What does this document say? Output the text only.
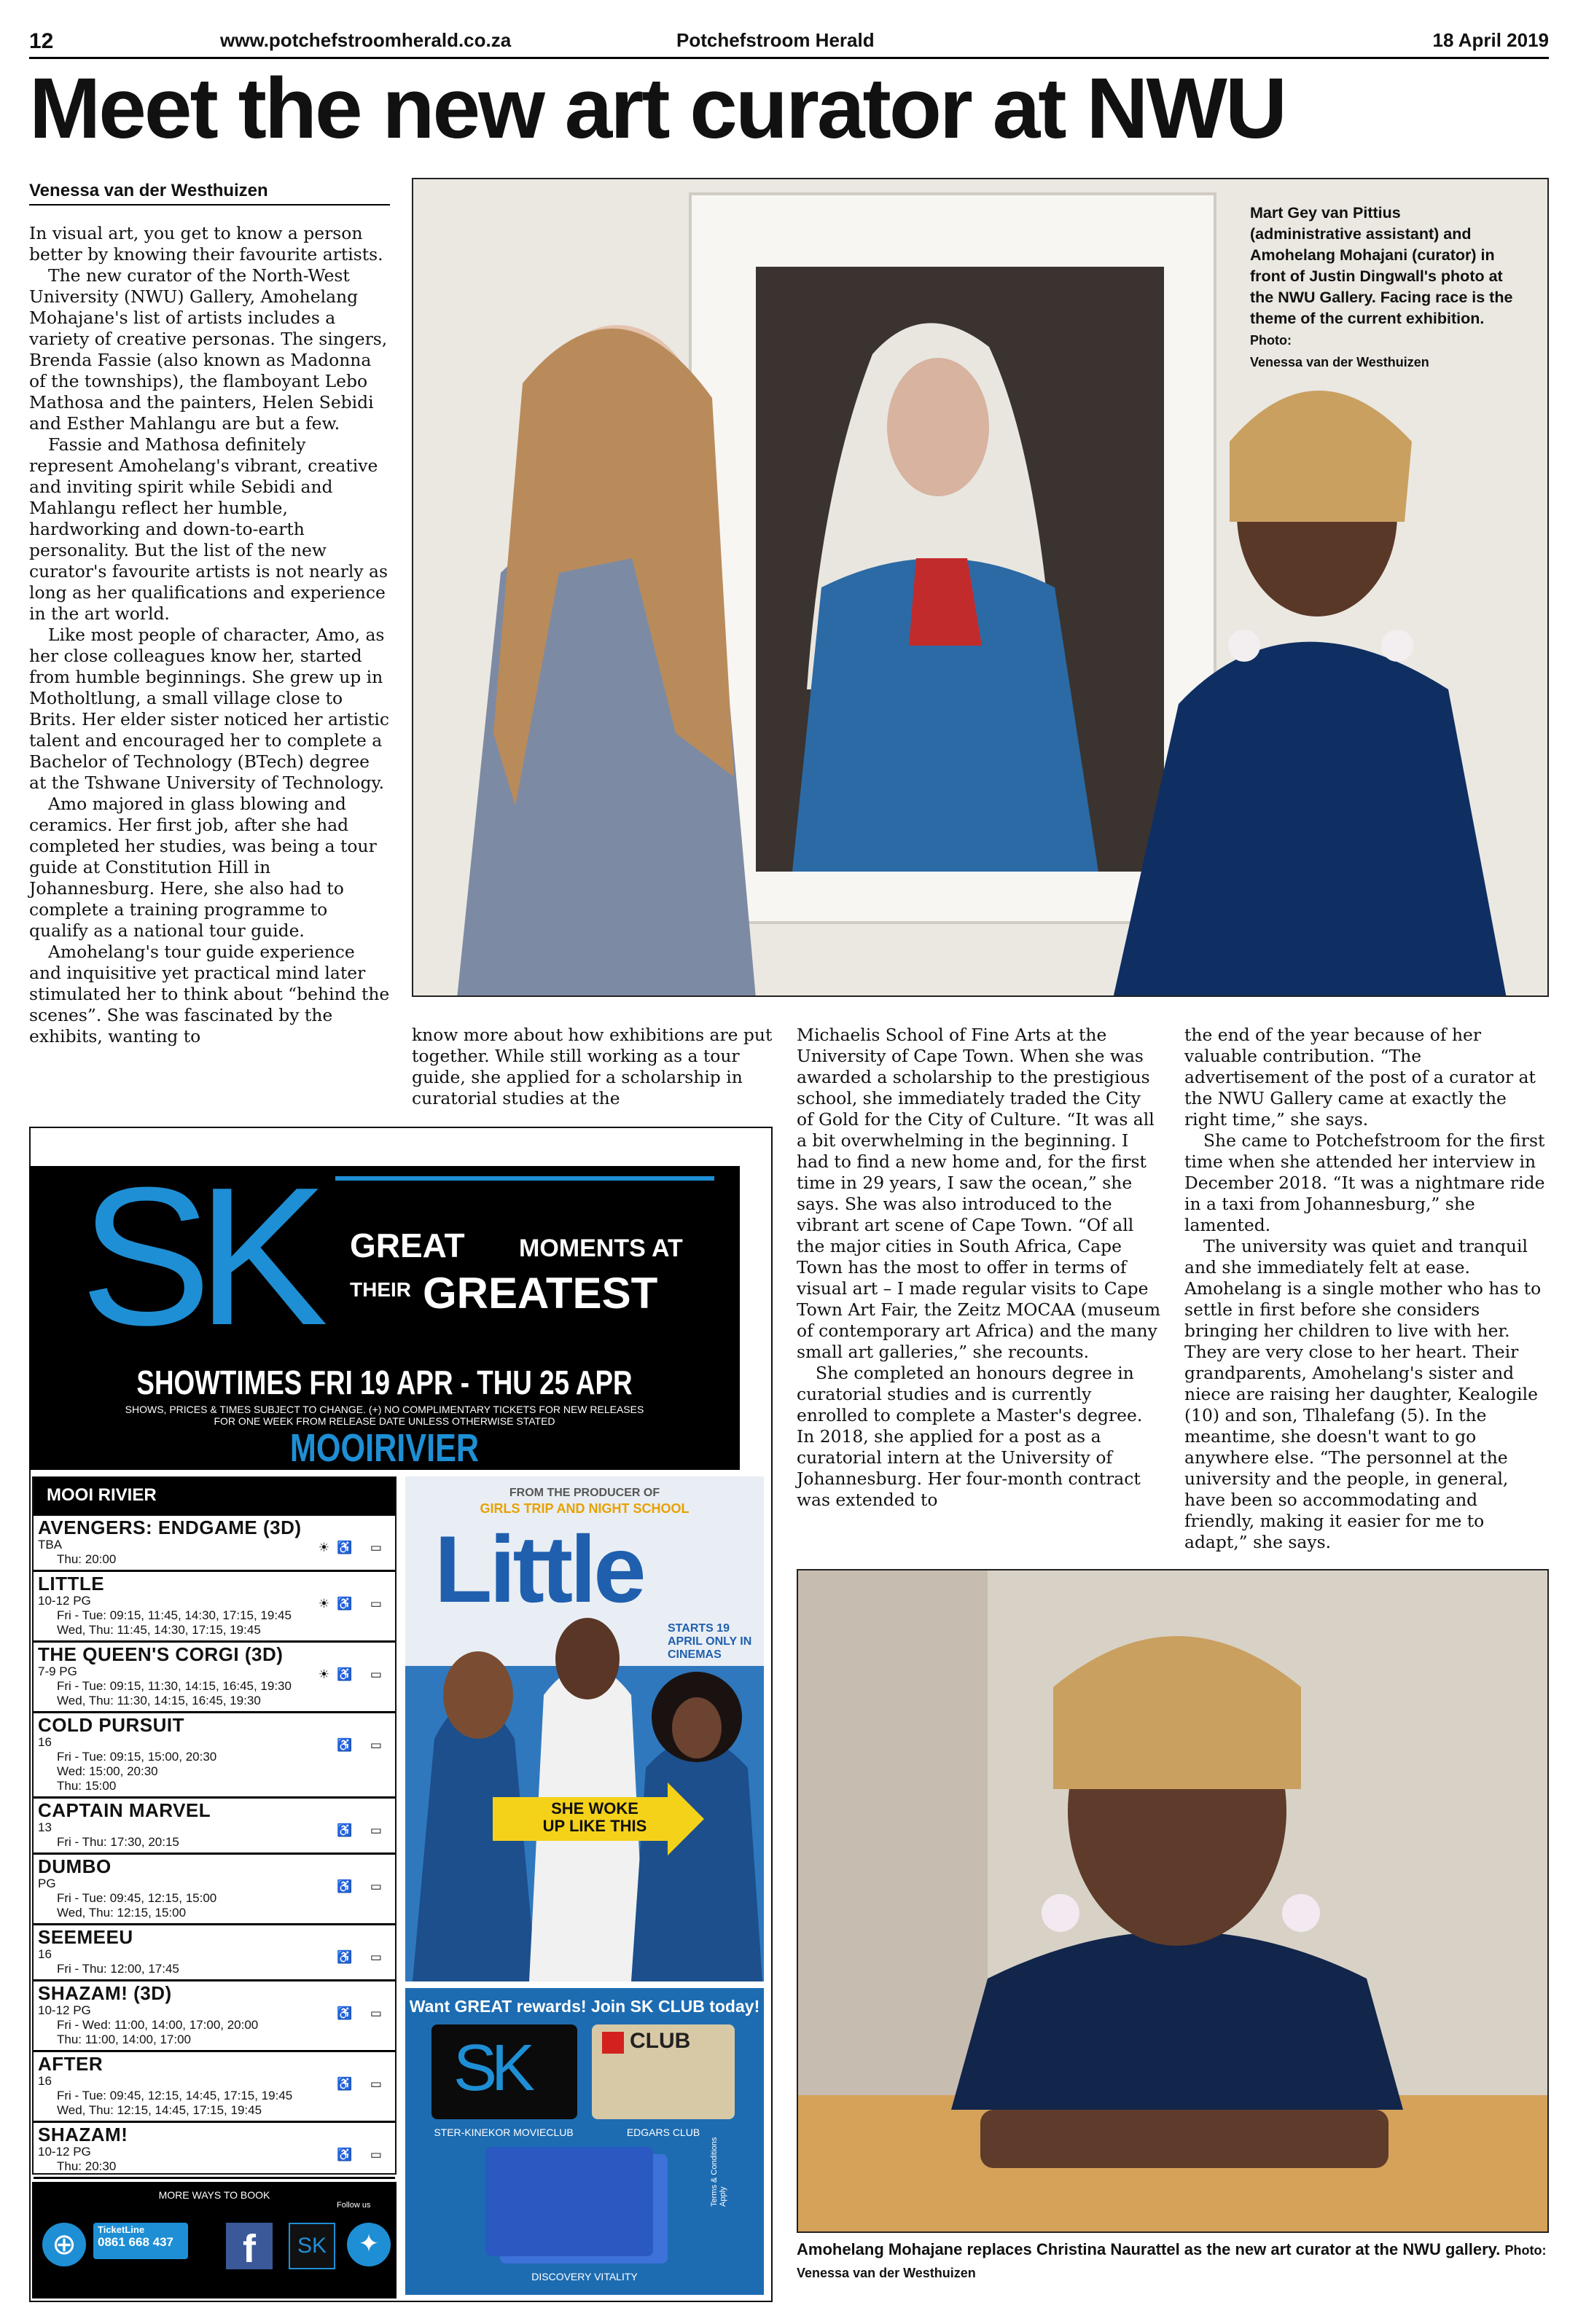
12	www.potchefstroomherald.co.za	Potchefstroom Herald	18 April 2019
Meet the new art curator at NWU
Venessa van der Westhuizen

In visual art, you get to know a person better by knowing their favourite artists.

The new curator of the North-West University (NWU) Gallery, Amohelang Mohajane's list of artists includes a variety of creative personas. The singers, Brenda Fassie (also known as Madonna of the townships), the flamboyant Lebo Mathosa and the painters, Helen Sebidi and Esther Mahlangu are but a few.

Fassie and Mathosa definitely represent Amohelang's vibrant, creative and inviting spirit while Sebidi and Mahlangu reflect her humble, hardworking and down-to-earth personality. But the list of the new curator's favourite artists is not nearly as long as her qualifications and experience in the art world.

Like most people of character, Amo, as her close colleagues know her, started from humble beginnings. She grew up in Motholtlung, a small village close to Brits. Her elder sister noticed her artistic talent and encouraged her to complete a Bachelor of Technology (BTech) degree at the Tshwane University of Technology.

Amo majored in glass blowing and ceramics. Her first job, after she had completed her studies, was being a tour guide at Constitution Hill in Johannesburg. Here, she also had to complete a training programme to qualify as a national tour guide.

Amohelang's tour guide experience and inquisitive yet practical mind later stimulated her to think about “behind the scenes”. She was fascinated by the exhibits, wanting to	know more about how exhibitions are put together. While still working as a tour guide, she applied for a scholarship in curatorial studies at the

Michaelis School of Fine Arts at the University of Cape Town. When she was awarded a scholarship to the prestigious school, she immediately traded the City of Gold for the City of Culture. “It was all a bit overwhelming in the beginning. I had to find a new home and, for the first time in 29 years, I saw the ocean,” she says. She was also introduced to the vibrant art scene of Cape Town. “Of all the major cities in South Africa, Cape Town has the most to offer in terms of visual art – I made regular visits to Cape Town Art Fair, the Zeitz MOCAA (museum of contemporary art Africa) and the many small art galleries,” she recounts.

She completed an honours degree in curatorial studies and is currently enrolled to complete a Master's degree. In 2018, she applied for a post as a curatorial intern at the University of Johannesburg. Her four-month contract was extended to

the end of the year because of her valuable contribution. “The advertisement of the post of a curator at the NWU Gallery came at exactly the right time,” she says.

She came to Potchefstroom for the first time when she attended her interview in December 2018. “It was a nightmare ride in a taxi from Johannesburg,” she lamented.

The university was quiet and tranquil and she immediately felt at ease. Amohelang is a single mother who has to settle in first before she considers bringing her children to live with her. They are very close to her heart. Their grandparents, Amohelang's sister and niece are raising her daughter, Kealogile (10) and son, Tlhalefang (5). In the meantime, she doesn't want to go anywhere else. “The personnel at the university and the people, in general, have been so accommodating and friendly, making it easier for me to adapt,” she says.

Mart Gey van Pittius (administrative assistant) and Amohelang Mohajani (curator) in front of Justin Dingwall's photo at the NWU Gallery. Facing race is the theme of the current exhibition. Photo:
Venessa van der Westhuizen
Amohelang Mohajane replaces Christina Naurattel as the new art curator at the NWU gallery. Photo: Venessa van der Westhuizen
SK	GREAT MOMENTS AT
THEIR GREATEST
SHOWTIMES FRI 19 APR - THU 25 APR
SHOWS, PRICES & TIMES SUBJECT TO CHANGE. (+) NO COMPLIMENTARY TICKETS FOR NEW RELEASES
FOR ONE WEEK FROM RELEASE DATE UNLESS OTHERWISE STATED
MOOIRIVIER
MOOI RIVIER
AVENGERS: ENDGAME (3D)
TBA	☀♿ ▭
Thu: 20:00
LITTLE
10-12 PG	☀♿ ▭
Fri - Tue: 09:15, 11:45, 14:30, 17:15, 19:45
Wed, Thu: 11:45, 14:30, 17:15, 19:45
THE QUEEN'S CORGI (3D)
7-9 PG	☀♿ ▭
Fri - Tue: 09:15, 11:30, 14:15, 16:45, 19:30
Wed, Thu: 11:30, 14:15, 16:45, 19:30
COLD PURSUIT
16	♿ ▭
Fri - Tue: 09:15, 15:00, 20:30
Wed: 15:00, 20:30
Thu: 15:00
CAPTAIN MARVEL
13	♿ ▭
Fri - Thu: 17:30, 20:15
DUMBO
PG	♿ ▭
Fri - Tue: 09:45, 12:15, 15:00
Wed, Thu: 12:15, 15:00
SEEMEEU
16	♿ ▭
Fri - Thu: 12:00, 17:45
SHAZAM! (3D)
10-12 PG	♿ ▭
Fri - Wed: 11:00, 14:00, 17:00, 20:00
Thu: 11:00, 14:00, 17:00
AFTER
16	♿ ▭
Fri - Tue: 09:45, 12:15, 14:45, 17:15, 19:45
Wed, Thu: 12:15, 14:45, 17:15, 19:45
SHAZAM!
10-12 PG	♿ ▭
Thu: 20:30
FROM THE PRODUCER OF
GIRLS TRIP AND NIGHT SCHOOL
Little
STARTS 19 APRIL ONLY IN CINEMAS
SHE WOKE
UP LIKE THIS
Want GREAT rewards! Join SK CLUB today!
SK
STER-KINEKOR MOVIECLUB
CLUB
EDGARS CLUB
DISCOVERY VITALITY
Terms & Conditions Apply
MORE WAYS TO BOOK
⊕	TicketLine
0861 668 437	f	SK
Follow us
✦
